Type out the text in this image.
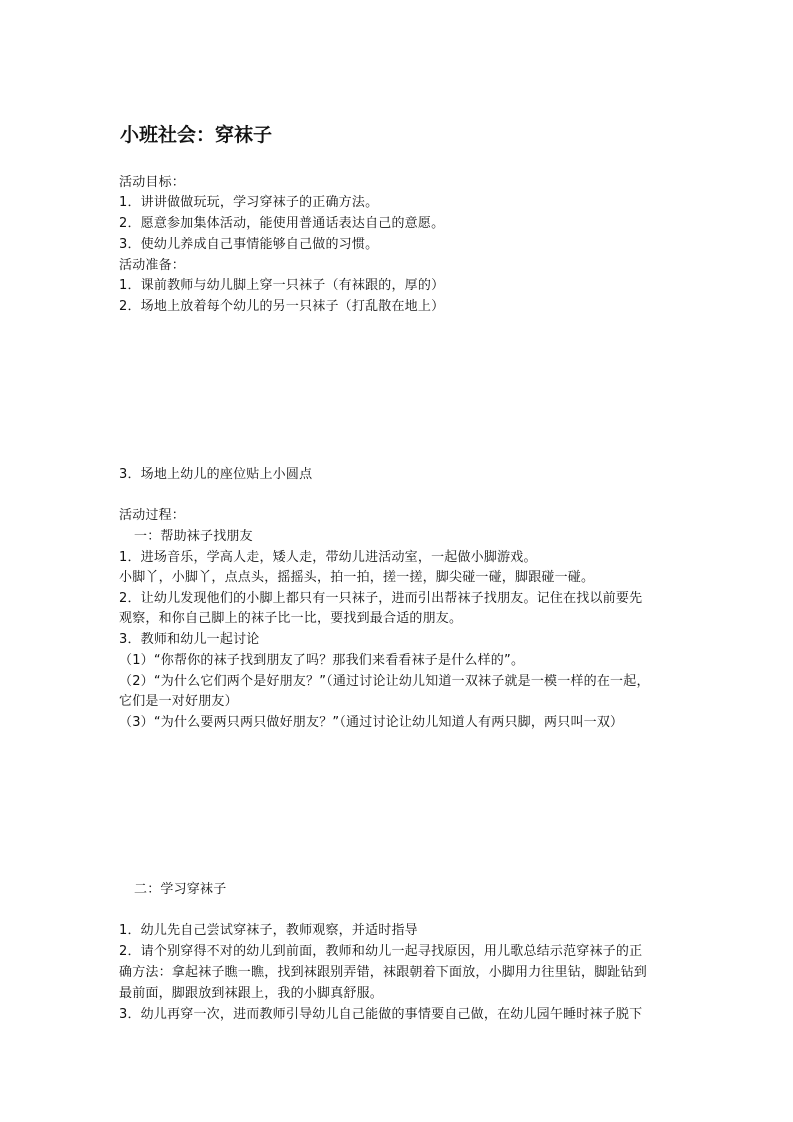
小班社会：穿袜子
活动目标：
1．讲讲做做玩玩，学习穿袜子的正确方法。
2．愿意参加集体活动，能使用普通话表达自己的意愿。
3．使幼儿养成自己事情能够自己做的习惯。
活动准备：
1．课前教师与幼儿脚上穿一只袜子（有袜跟的，厚的）
2．场地上放着每个幼儿的另一只袜子（打乱散在地上）
3．场地上幼儿的座位贴上小圆点
活动过程：
一：帮助袜子找朋友
1．进场音乐，学高人走，矮人走，带幼儿进活动室，一起做小脚游戏。
小脚丫，小脚丫，点点头，摇摇头，拍一拍，搓一搓，脚尖碰一碰，脚跟碰一碰。
2．让幼儿发现他们的小脚上都只有一只袜子，进而引出帮袜子找朋友。记住在找以前要先
观察，和你自己脚上的袜子比一比，要找到最合适的朋友。
3．教师和幼儿一起讨论
（1）“你帮你的袜子找到朋友了吗？那我们来看看袜子是什么样的”。
（2）“为什么它们两个是好朋友？”（通过讨论让幼儿知道一双袜子就是一模一样的在一起，
它们是一对好朋友）
（3）“为什么要两只两只做好朋友？”（通过讨论让幼儿知道人有两只脚，两只叫一双）
二：学习穿袜子
1．幼儿先自己尝试穿袜子，教师观察，并适时指导
2．请个别穿得不对的幼儿到前面，教师和幼儿一起寻找原因，用儿歌总结示范穿袜子的正
确方法：拿起袜子瞧一瞧，找到袜跟别弄错，袜跟朝着下面放，小脚用力往里钻，脚趾钻到
最前面，脚跟放到袜跟上，我的小脚真舒服。
3．幼儿再穿一次，进而教师引导幼儿自己能做的事情要自己做，在幼儿园午睡时袜子脱下
